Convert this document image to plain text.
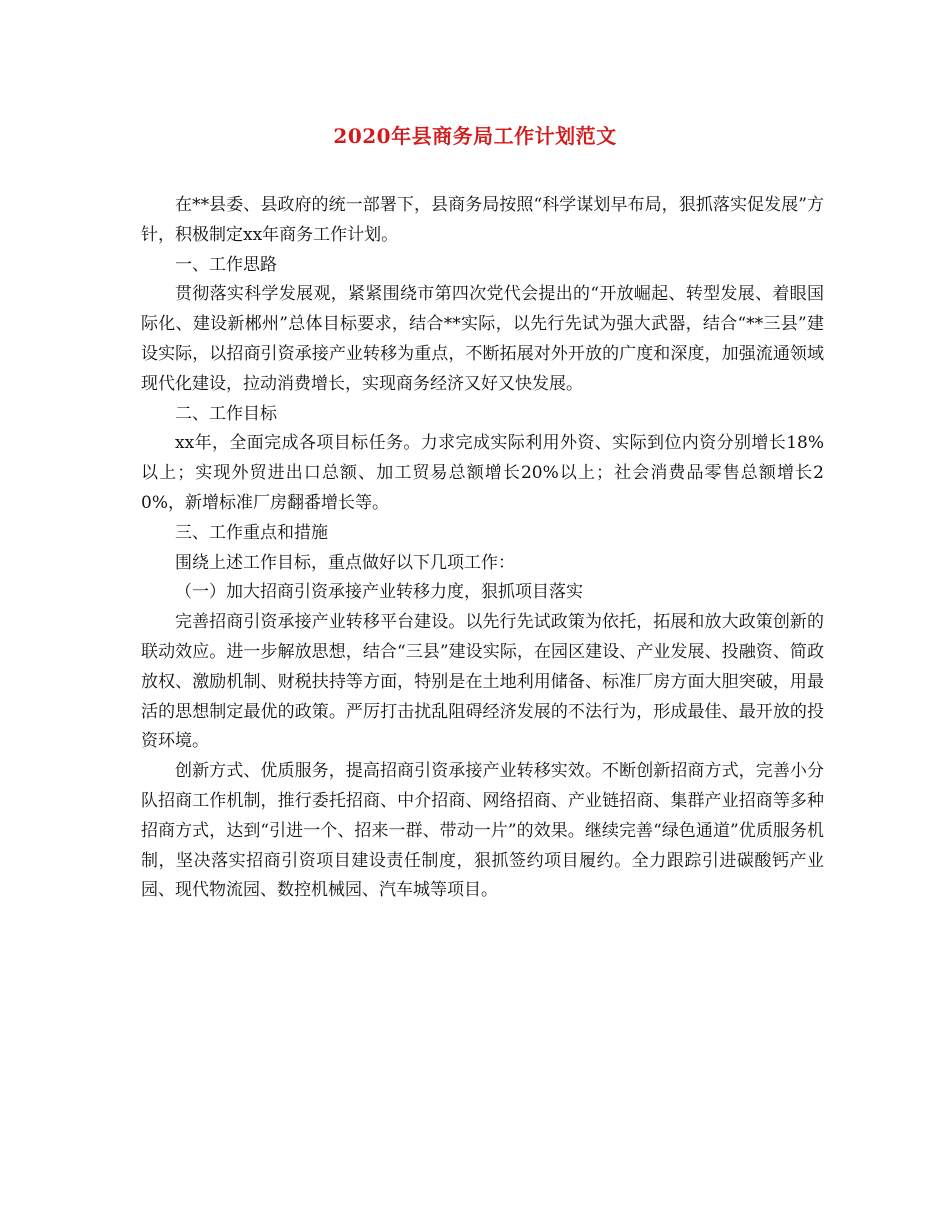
2020年县商务局工作计划范文

在**县委、县政府的统一部署下，县商务局按照“科学谋划早布局，狠抓落实促发展”方针，积极制定xx年商务工作计划。

一、工作思路

贯彻落实科学发展观，紧紧围绕市第四次党代会提出的“开放崛起、转型发展、着眼国际化、建设新郴州”总体目标要求，结合**实际，以先行先试为强大武器，结合“**三县”建设实际，以招商引资承接产业转移为重点，不断拓展对外开放的广度和深度，加强流通领域现代化建设，拉动消费增长，实现商务经济又好又快发展。

二、工作目标

xx年，全面完成各项目标任务。力求完成实际利用外资、实际到位内资分别增长18%以上；实现外贸进出口总额、加工贸易总额增长20%以上；社会消费品零售总额增长20%，新增标准厂房翻番增长等。

三、工作重点和措施

围绕上述工作目标，重点做好以下几项工作：

（一）加大招商引资承接产业转移力度，狠抓项目落实

完善招商引资承接产业转移平台建设。以先行先试政策为依托，拓展和放大政策创新的联动效应。进一步解放思想，结合“三县”建设实际，在园区建设、产业发展、投融资、简政放权、激励机制、财税扶持等方面，特别是在土地利用储备、标准厂房方面大胆突破，用最活的思想制定最优的政策。严厉打击扰乱阻碍经济发展的不法行为，形成最佳、最开放的投资环境。

创新方式、优质服务，提高招商引资承接产业转移实效。不断创新招商方式，完善小分队招商工作机制，推行委托招商、中介招商、网络招商、产业链招商、集群产业招商等多种招商方式，达到“引进一个、招来一群、带动一片”的效果。继续完善“绿色通道”优质服务机制，坚决落实招商引资项目建设责任制度，狠抓签约项目履约。全力跟踪引进碳酸钙产业园、现代物流园、数控机械园、汽车城等项目。
